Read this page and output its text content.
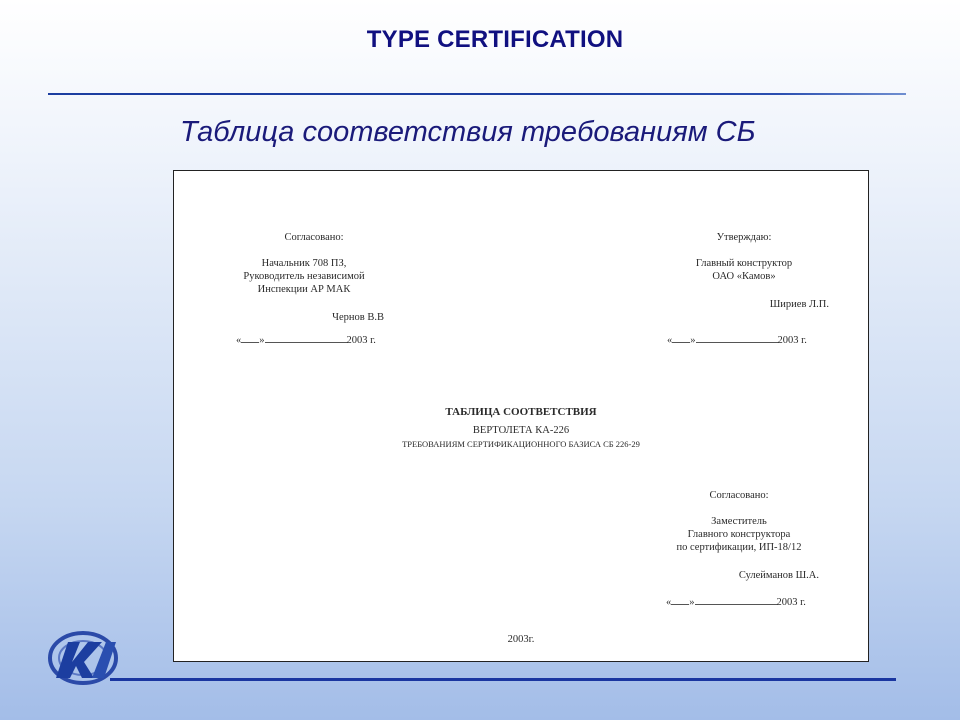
TYPE CERTIFICATION
Таблица соответствия требованиям СБ
Согласовано:
Начальник 708 ПЗ,
Руководитель независимой
Инспекции АР МАК
Чернов В.В
« »	2003 г.
Утверждаю:
Главный конструктор
ОАО «Камов»
Шириев Л.П.
« »	2003 г.
ТАБЛИЦА СООТВЕТСТВИЯ
ВЕРТОЛЕТА КА-226
ТРЕБОВАНИЯМ СЕРТИФИКАЦИОННОГО БАЗИСА СБ 226-29
Согласовано:
Заместитель
Главного конструктора
по сертификации, ИП-18/12
Сулейманов Ш.А.
« »	2003 г.
2003г.
